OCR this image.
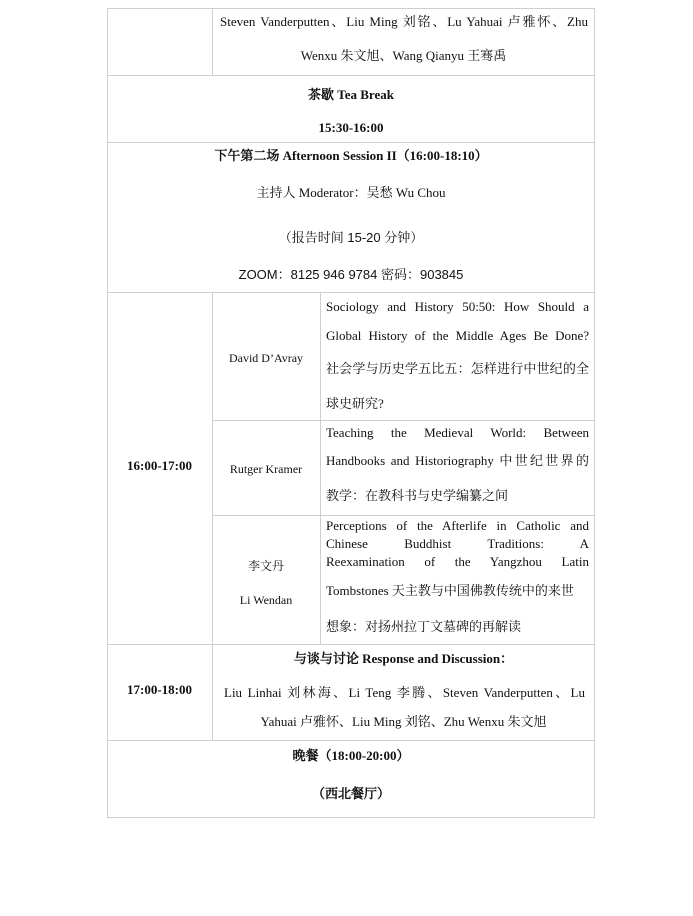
Steven Vanderputten、Liu Ming 刘铭、Lu Yahuai 卢雅怀、Zhu
Wenxu 朱文旭、Wang Qianyu 王骞禹
茶歇 Tea Break
15:30-16:00
下午第二场 Afternoon Session II（16:00-18:10）
主持人 Moderator：吴愁 Wu Chou
（报告时间 15-20 分钟）
ZOOM：8125 946 9784 密码：903845
16:00-17:00
David D’Avray
Sociology and History 50:50: How Should a
Global History of the Middle Ages Be Done?
社会学与历史学五比五：怎样进行中世纪的全
球史研究?
Rutger Kramer
Teaching the Medieval World: Between
Handbooks and Historiography 中世纪世界的
教学：在教科书与史学编纂之间
李文丹
Li Wendan
Perceptions of the Afterlife in Catholic and
Chinese Buddhist Traditions: A
Reexamination of the Yangzhou Latin
Tombstones 天主教与中国佛教传统中的来世
想象：对扬州拉丁文墓碑的再解读
17:00-18:00
与谈与讨论 Response and Discussion：
Liu Linhai 刘林海、Li Teng 李腾、Steven Vanderputten、Lu
Yahuai 卢雅怀、Liu Ming 刘铭、Zhu Wenxu 朱文旭
晚餐（18:00-20:00）
（西北餐厅）
